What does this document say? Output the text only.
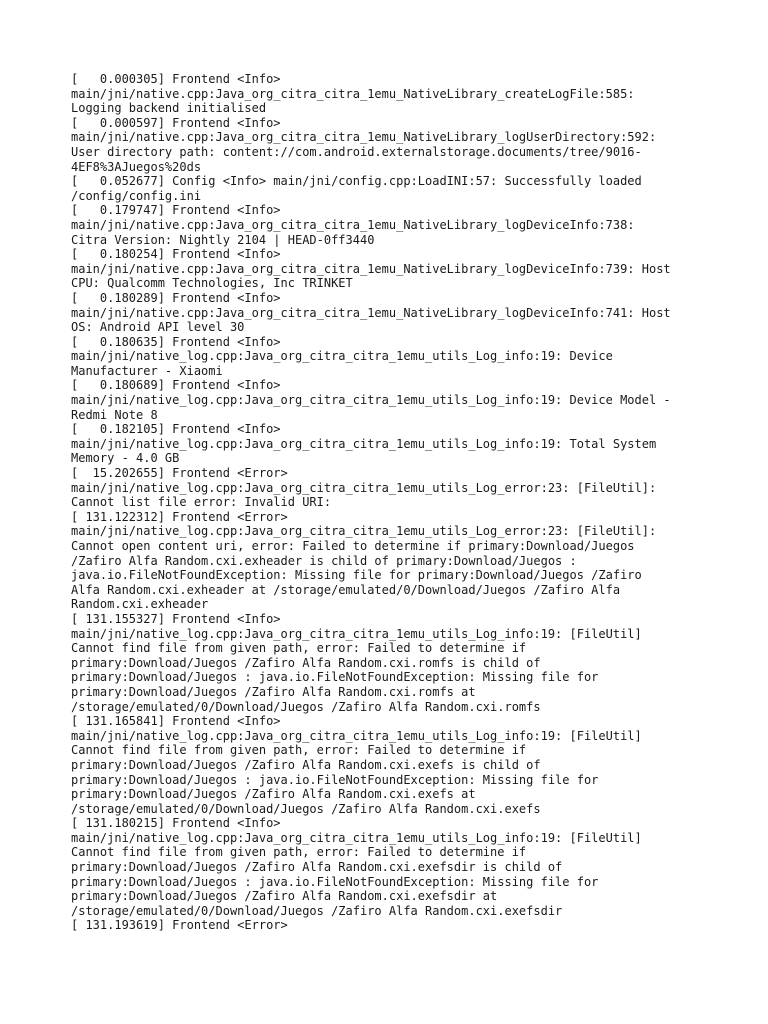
[   0.000305] Frontend <Info>
main/jni/native.cpp:Java_org_citra_citra_1emu_NativeLibrary_createLogFile:585:
Logging backend initialised
[   0.000597] Frontend <Info>
main/jni/native.cpp:Java_org_citra_citra_1emu_NativeLibrary_logUserDirectory:592:
User directory path: content://com.android.externalstorage.documents/tree/9016-
4EF8%3AJuegos%20ds
[   0.052677] Config <Info> main/jni/config.cpp:LoadINI:57: Successfully loaded
/config/config.ini
[   0.179747] Frontend <Info>
main/jni/native.cpp:Java_org_citra_citra_1emu_NativeLibrary_logDeviceInfo:738:
Citra Version: Nightly 2104 | HEAD-0ff3440
[   0.180254] Frontend <Info>
main/jni/native.cpp:Java_org_citra_citra_1emu_NativeLibrary_logDeviceInfo:739: Host
CPU: Qualcomm Technologies, Inc TRINKET
[   0.180289] Frontend <Info>
main/jni/native.cpp:Java_org_citra_citra_1emu_NativeLibrary_logDeviceInfo:741: Host
OS: Android API level 30
[   0.180635] Frontend <Info>
main/jni/native_log.cpp:Java_org_citra_citra_1emu_utils_Log_info:19: Device
Manufacturer - Xiaomi
[   0.180689] Frontend <Info>
main/jni/native_log.cpp:Java_org_citra_citra_1emu_utils_Log_info:19: Device Model -
Redmi Note 8
[   0.182105] Frontend <Info>
main/jni/native_log.cpp:Java_org_citra_citra_1emu_utils_Log_info:19: Total System
Memory - 4.0 GB
[  15.202655] Frontend <Error>
main/jni/native_log.cpp:Java_org_citra_citra_1emu_utils_Log_error:23: [FileUtil]:
Cannot list file error: Invalid URI:
[ 131.122312] Frontend <Error>
main/jni/native_log.cpp:Java_org_citra_citra_1emu_utils_Log_error:23: [FileUtil]:
Cannot open content uri, error: Failed to determine if primary:Download/Juegos
/Zafiro Alfa Random.cxi.exheader is child of primary:Download/Juegos :
java.io.FileNotFoundException: Missing file for primary:Download/Juegos /Zafiro
Alfa Random.cxi.exheader at /storage/emulated/0/Download/Juegos /Zafiro Alfa
Random.cxi.exheader
[ 131.155327] Frontend <Info>
main/jni/native_log.cpp:Java_org_citra_citra_1emu_utils_Log_info:19: [FileUtil]
Cannot find file from given path, error: Failed to determine if
primary:Download/Juegos /Zafiro Alfa Random.cxi.romfs is child of
primary:Download/Juegos : java.io.FileNotFoundException: Missing file for
primary:Download/Juegos /Zafiro Alfa Random.cxi.romfs at
/storage/emulated/0/Download/Juegos /Zafiro Alfa Random.cxi.romfs
[ 131.165841] Frontend <Info>
main/jni/native_log.cpp:Java_org_citra_citra_1emu_utils_Log_info:19: [FileUtil]
Cannot find file from given path, error: Failed to determine if
primary:Download/Juegos /Zafiro Alfa Random.cxi.exefs is child of
primary:Download/Juegos : java.io.FileNotFoundException: Missing file for
primary:Download/Juegos /Zafiro Alfa Random.cxi.exefs at
/storage/emulated/0/Download/Juegos /Zafiro Alfa Random.cxi.exefs
[ 131.180215] Frontend <Info>
main/jni/native_log.cpp:Java_org_citra_citra_1emu_utils_Log_info:19: [FileUtil]
Cannot find file from given path, error: Failed to determine if
primary:Download/Juegos /Zafiro Alfa Random.cxi.exefsdir is child of
primary:Download/Juegos : java.io.FileNotFoundException: Missing file for
primary:Download/Juegos /Zafiro Alfa Random.cxi.exefsdir at
/storage/emulated/0/Download/Juegos /Zafiro Alfa Random.cxi.exefsdir
[ 131.193619] Frontend <Error>
